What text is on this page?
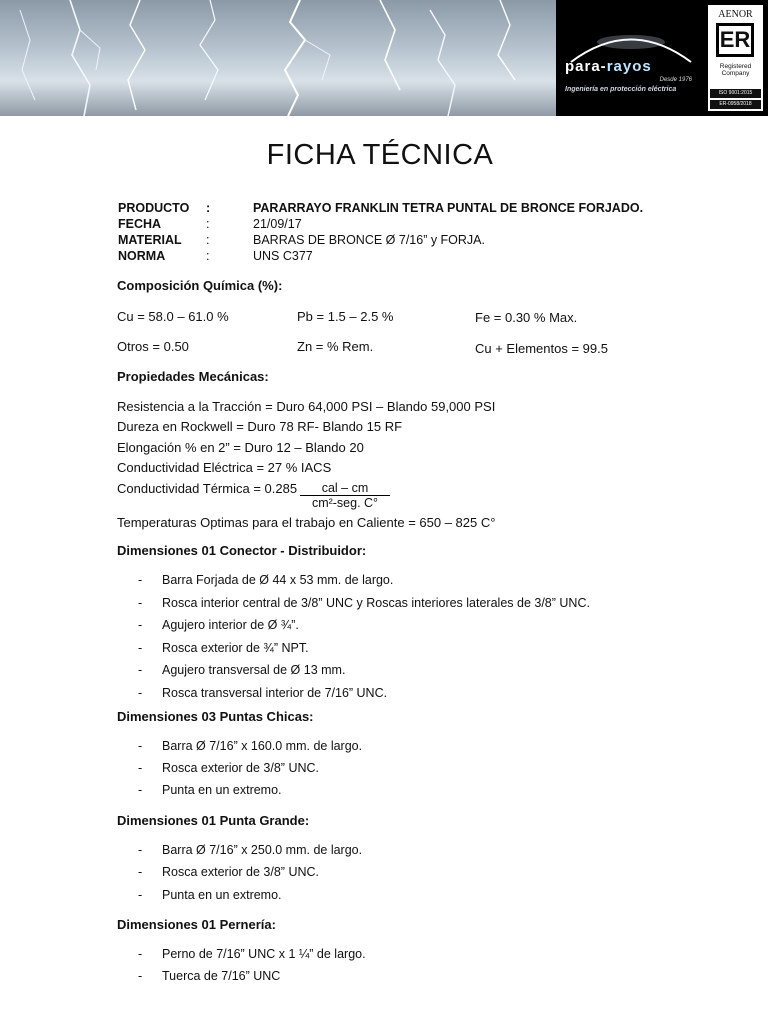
para-rayos
Desde 1976
Ingeniería en protección eléctrica
AENOR
ER
Registered
Company
ISO 9001:2015
ER-0958/2018
FICHA TÉCNICA
PRODUCTO :	PARARRAYO FRANKLIN TETRA PUNTAL DE BRONCE FORJADO.
FECHA	:	21/09/17
MATERIAL :	BARRAS DE BRONCE Ø 7/16” y FORJA.
NORMA	:	UNS C377
Composición Química (%):
Cu = 58.0 – 61.0 %	Pb = 1.5 – 2.5 %	Fe = 0.30 % Max.
Otros = 0.50	Zn = % Rem.	Cu + Elementos = 99.5
Propiedades Mecánicas:
Resistencia a la Tracción = Duro 64,000 PSI – Blando 59,000 PSI
Dureza en Rockwell = Duro 78 RF- Blando 15 RF
Elongación % en 2” = Duro 12 – Blando 20
Conductividad Eléctrica = 27 % IACS
Conductividad Térmica = 0.285	cal – cm
cm²-seg. C°
Temperaturas Optimas para el trabajo en Caliente = 650 – 825 C°
Dimensiones 01 Conector - Distribuidor:
- Barra Forjada de Ø 44 x 53 mm. de largo.
- Rosca interior central de 3/8” UNC y Roscas interiores laterales de 3/8” UNC.
- Agujero interior de Ø ¾”.
- Rosca exterior de ¾” NPT.
- Agujero transversal de Ø 13 mm.
- Rosca transversal interior de 7/16” UNC.
Dimensiones 03 Puntas Chicas:
- Barra Ø 7/16” x 160.0 mm. de largo.
- Rosca exterior de 3/8” UNC.
- Punta en un extremo.
Dimensiones 01 Punta Grande:
- Barra Ø 7/16” x 250.0 mm. de largo.
- Rosca exterior de 3/8” UNC.
- Punta en un extremo.
Dimensiones 01 Pernería:
- Perno de 7/16” UNC x 1 ¼” de largo.
- Tuerca de 7/16” UNC
